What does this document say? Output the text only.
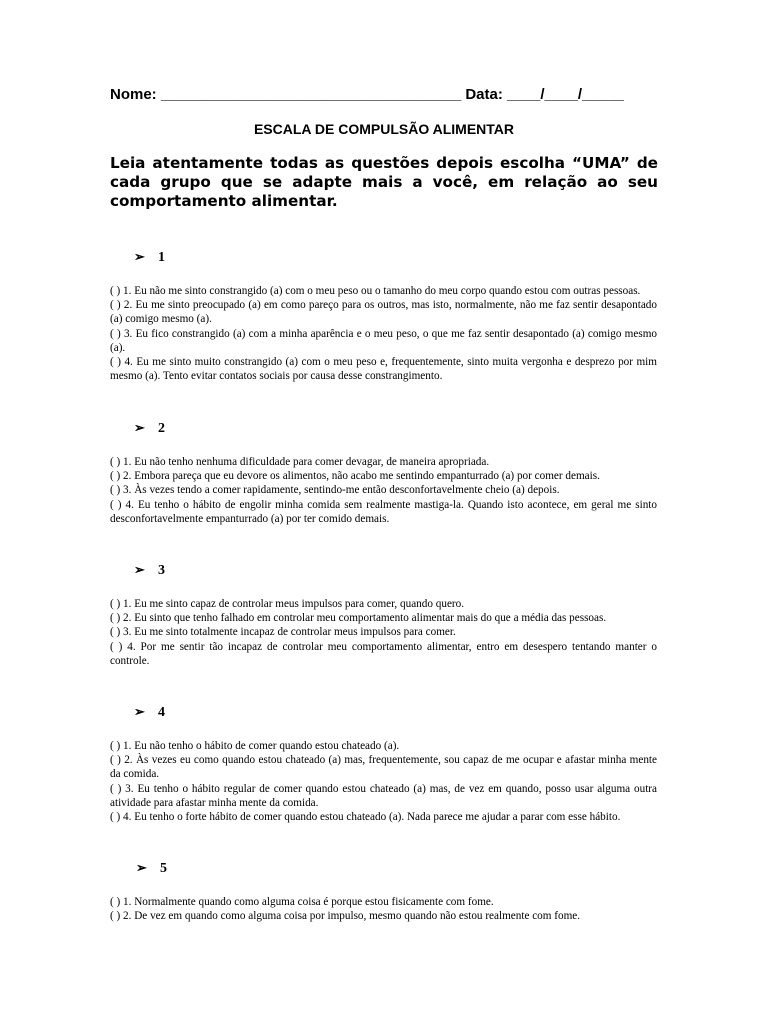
Nome: ____________________________________ Data: ____/____/_____
ESCALA DE COMPULSÃO ALIMENTAR
Leia atentamente todas as questões depois escolha “UMA” de cada grupo que se adapte mais a você, em relação ao seu comportamento alimentar.
➢ 1

( ) 1. Eu não me sinto constrangido (a) com o meu peso ou o tamanho do meu corpo quando estou com outras pessoas.

( ) 2. Eu me sinto preocupado (a) em como pareço para os outros, mas isto, normalmente, não me faz sentir desapontado (a) comigo mesmo (a).

( ) 3. Eu fico constrangido (a) com a minha aparência e o meu peso, o que me faz sentir desapontado (a) comigo mesmo (a).

( ) 4. Eu me sinto muito constrangido (a) com o meu peso e, frequentemente, sinto muita vergonha e desprezo por mim mesmo (a). Tento evitar contatos sociais por causa desse constrangimento.

➢ 2

( ) 1. Eu não tenho nenhuma dificuldade para comer devagar, de maneira apropriada.

( ) 2. Embora pareça que eu devore os alimentos, não acabo me sentindo empanturrado (a) por comer demais.

( ) 3. Às vezes tendo a comer rapidamente, sentindo-me então desconfortavelmente cheio (a) depois.

( ) 4. Eu tenho o hábito de engolir minha comida sem realmente mastiga-la. Quando isto acontece, em geral me sinto desconfortavelmente empanturrado (a) por ter comido demais.

➢ 3

( ) 1. Eu me sinto capaz de controlar meus impulsos para comer, quando quero.

( ) 2. Eu sinto que tenho falhado em controlar meu comportamento alimentar mais do que a média das pessoas.

( ) 3. Eu me sinto totalmente incapaz de controlar meus impulsos para comer.

( ) 4. Por me sentir tão incapaz de controlar meu comportamento alimentar, entro em desespero tentando manter o controle.

➢ 4

( ) 1. Eu não tenho o hábito de comer quando estou chateado (a).

( ) 2. Às vezes eu como quando estou chateado (a) mas, frequentemente, sou capaz de me ocupar e afastar minha mente da comida.

( ) 3. Eu tenho o hábito regular de comer quando estou chateado (a) mas, de vez em quando, posso usar alguma outra atividade para afastar minha mente da comida.

( ) 4. Eu tenho o forte hábito de comer quando estou chateado (a). Nada parece me ajudar a parar com esse hábito.

➢ 5

( ) 1. Normalmente quando como alguma coisa é porque estou fisicamente com fome.

( ) 2. De vez em quando como alguma coisa por impulso, mesmo quando não estou realmente com fome.
